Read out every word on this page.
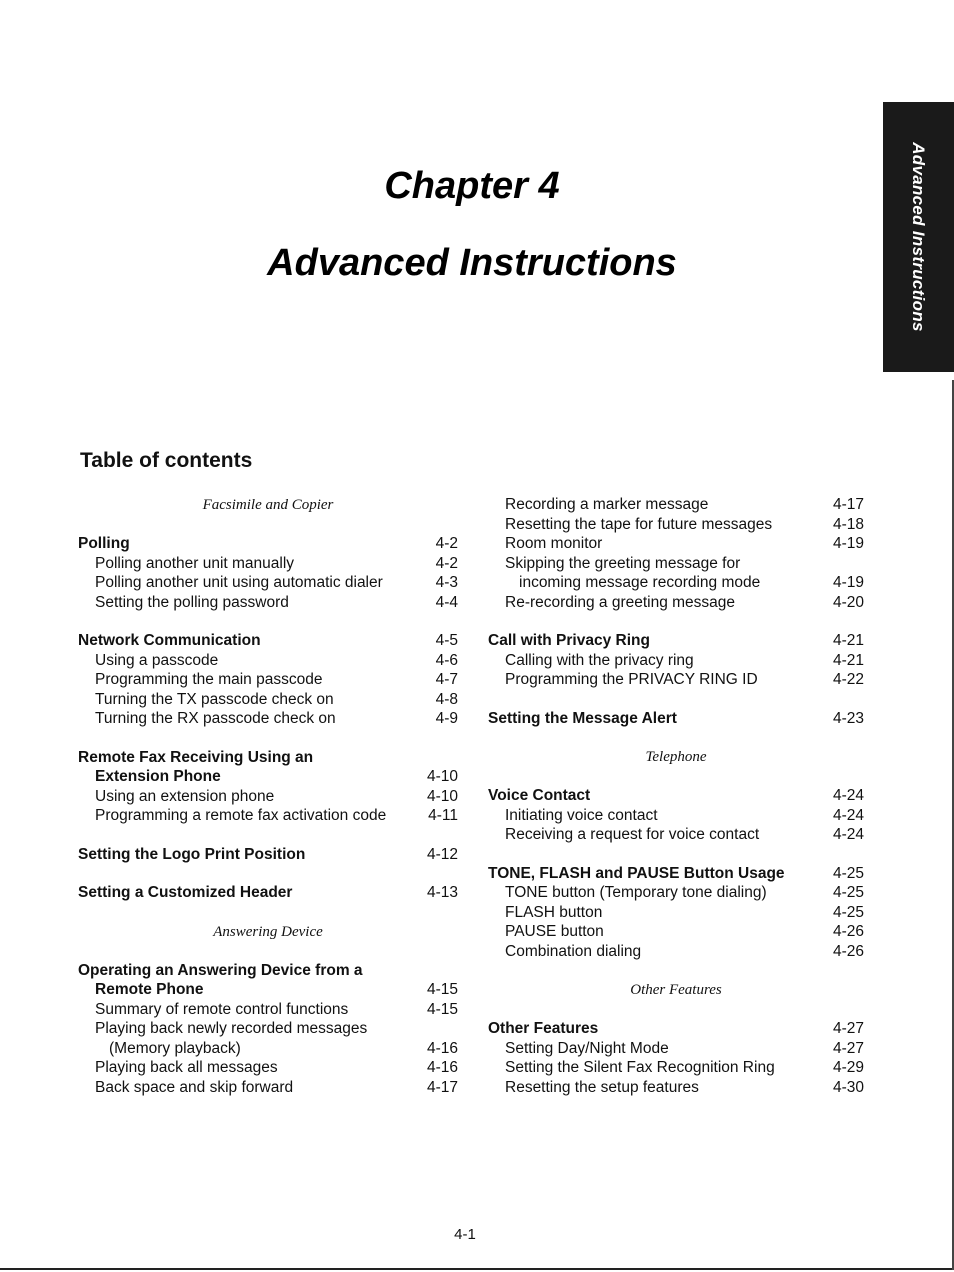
Advanced Instructions
Chapter 4
Advanced Instructions
Table of contents
Facsimile and Copier
Polling	4-2
Polling another unit manually	4-2
Polling another unit using automatic dialer	4-3
Setting the polling password	4-4
Network Communication	4-5
Using a passcode	4-6
Programming the main passcode	4-7
Turning the TX passcode check on	4-8
Turning the RX passcode check on	4-9
Remote Fax Receiving Using an
Extension Phone	4-10
Using an extension phone	4-10
Programming a remote fax activation code	4-11
Setting the Logo Print Position	4-12
Setting a Customized Header	4-13
Answering Device
Operating an Answering Device from a
Remote Phone	4-15
Summary of remote control functions	4-15
Playing back newly recorded messages
(Memory playback)	4-16
Playing back all messages	4-16
Back space and skip forward	4-17
Recording a marker message	4-17
Resetting the tape for future messages	4-18
Room monitor	4-19
Skipping the greeting message for
incoming message recording mode	4-19
Re-recording a greeting message	4-20
Call with Privacy Ring	4-21
Calling with the privacy ring	4-21
Programming the PRIVACY RING ID	4-22
Setting the Message Alert	4-23
Telephone
Voice Contact	4-24
Initiating voice contact	4-24
Receiving a request for voice contact	4-24
TONE, FLASH and PAUSE Button Usage	4-25
TONE button (Temporary tone dialing)	4-25
FLASH button	4-25
PAUSE button	4-26
Combination dialing	4-26
Other Features
Other Features	4-27
Setting Day/Night Mode	4-27
Setting the Silent Fax Recognition Ring	4-29
Resetting the setup features	4-30
4-1
